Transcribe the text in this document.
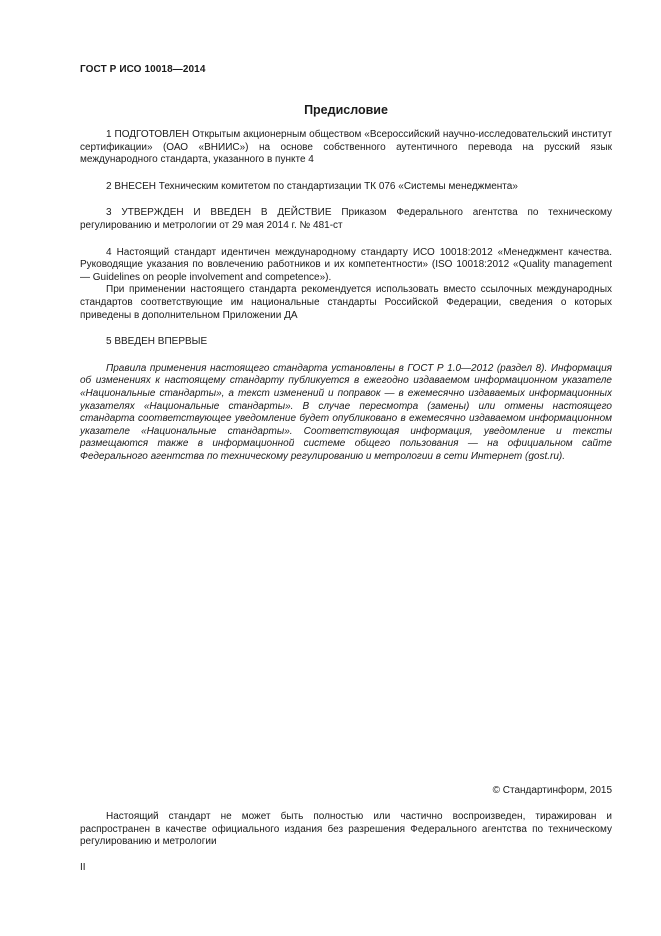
ГОСТ Р ИСО 10018—2014
Предисловие

1 ПОДГОТОВЛЕН Открытым акционерным обществом «Всероссийский научно-исследовательский институт сертификации» (ОАО «ВНИИС») на основе собственного аутентичного перевода на русский язык международного стандарта, указанного в пункте 4

2 ВНЕСЕН Техническим комитетом по стандартизации ТК 076 «Системы менеджмента»

3 УТВЕРЖДЕН И ВВЕДЕН В ДЕЙСТВИЕ Приказом Федерального агентства по техническому регулированию и метрологии от 29 мая 2014 г. № 481-ст

4 Настоящий стандарт идентичен международному стандарту ИСО 10018:2012 «Менеджмент качества. Руководящие указания по вовлечению работников и их компетентности» (ISO 10018:2012 «Quality management — Guidelines on people involvement and competence»).

При применении настоящего стандарта рекомендуется использовать вместо ссылочных международных стандартов соответствующие им национальные стандарты Российской Федерации, сведения о которых приведены в дополнительном Приложении ДА

5 ВВЕДЕН ВПЕРВЫЕ

Правила применения настоящего стандарта установлены в ГОСТ Р 1.0—2012 (раздел 8). Информация об изменениях к настоящему стандарту публикуется в ежегодно издаваемом информационном указателе «Национальные стандарты», а текст изменений и поправок — в ежемесячно издаваемых информационных указателях «Национальные стандарты». В случае пересмотра (замены) или отмены настоящего стандарта соответствующее уведомление будет опубликовано в ежемесячно издаваемом информационном указателе «Национальные стандарты». Соответствующая информация, уведомление и тексты размещаются также в информационной системе общего пользования — на официальном сайте Федерального агентства по техническому регулированию и метрологии в сети Интернет (gost.ru).

© Стандартинформ, 2015

Настоящий стандарт не может быть полностью или частично воспроизведен, тиражирован и распространен в качестве официального издания без разрешения Федерального агентства по техническому регулированию и метрологии

II
